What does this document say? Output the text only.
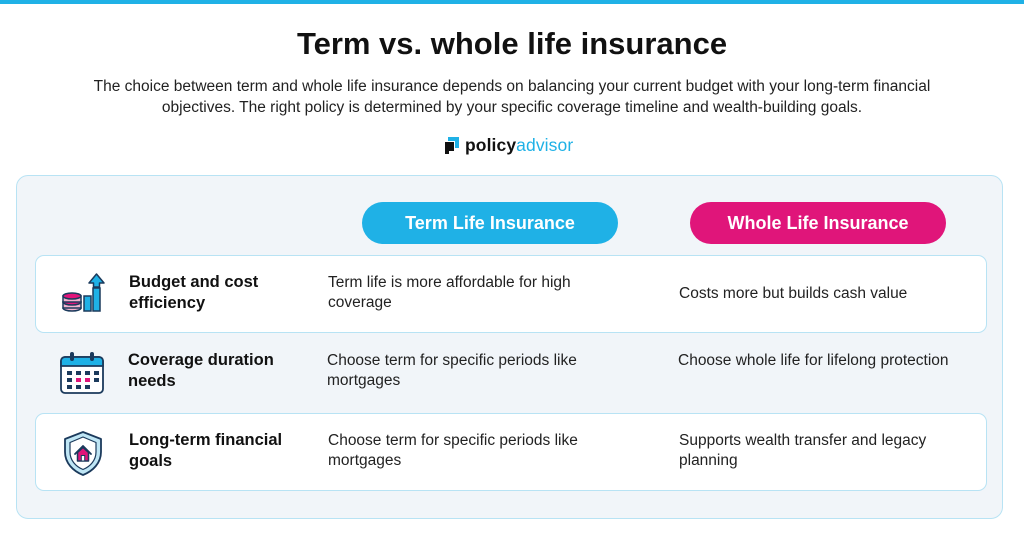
Term vs. whole life insurance

The choice between term and whole life insurance depends on balancing your current budget with your long-term financial objectives. The right policy is determined by your specific coverage timeline and wealth-building goals.

policyadvisor
Term Life Insurance	Whole Life Insurance
Budget and cost efficiency
Term life is more affordable for high coverage
Costs more but builds cash value
Coverage duration needs
Choose term for specific periods like mortgages
Choose whole life for lifelong protection
Long-term financial goals
Choose term for specific periods like mortgages
Supports wealth transfer and legacy planning
